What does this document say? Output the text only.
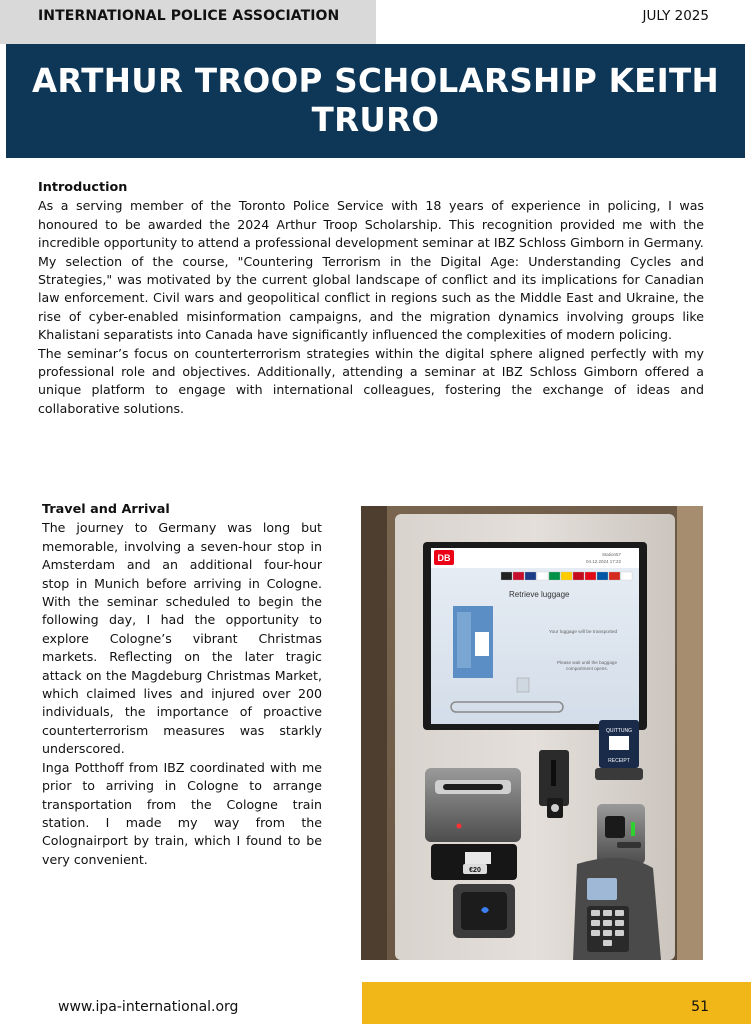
INTERNATIONAL POLICE ASSOCIATION	JULY 2025
ARTHUR TROOP SCHOLARSHIP KEITH TRURO
Introduction

As a serving member of the Toronto Police Service with 18 years of experience in policing, I was honoured to be awarded the 2024 Arthur Troop Scholarship. This recognition provided me with the incredible opportunity to attend a professional development seminar at IBZ Schloss Gimborn in Germany.

My selection of the course, "Countering Terrorism in the Digital Age: Understanding Cycles and Strategies," was motivated by the current global landscape of conflict and its implications for Canadian law enforcement. Civil wars and geopolitical conflict in regions such as the Middle East and Ukraine, the rise of cyber-enabled misinformation campaigns, and the migration dynamics involving groups like Khalistani separatists into Canada have significantly influenced the complexities of modern policing.

The seminar’s focus on counterterrorism strategies within the digital sphere aligned perfectly with my professional role and objectives. Additionally, attending a seminar at IBZ Schloss Gimborn offered a unique platform to engage with international colleagues, fostering the exchange of ideas and collaborative solutions.

Travel and Arrival

The journey to Germany was long but memorable, involving a seven-hour stop in Amsterdam and an additional four-hour stop in Munich before arriving in Cologne. With the seminar scheduled to begin the following day, I had the opportunity to explore Cologne’s vibrant Christmas markets. Reflecting on the later tragic attack on the Magdeburg Christmas Market, which claimed lives and injured over 200 individuals, the importance of proactive counterterrorism measures was starkly underscored.

Inga Potthoff from IBZ coordinated with me prior to arriving in Cologne to arrange transportation from the Cologne train station. I made my way from the Colognairport by train, which I found to be very convenient.

DB	Station57
04.12.2024 17:22
Retrieve luggage
Your luggage will be transported
Please wait until the baggage
compartment opens.
QUITTUNG
RECEIPT
€20
www.ipa-international.org	51
